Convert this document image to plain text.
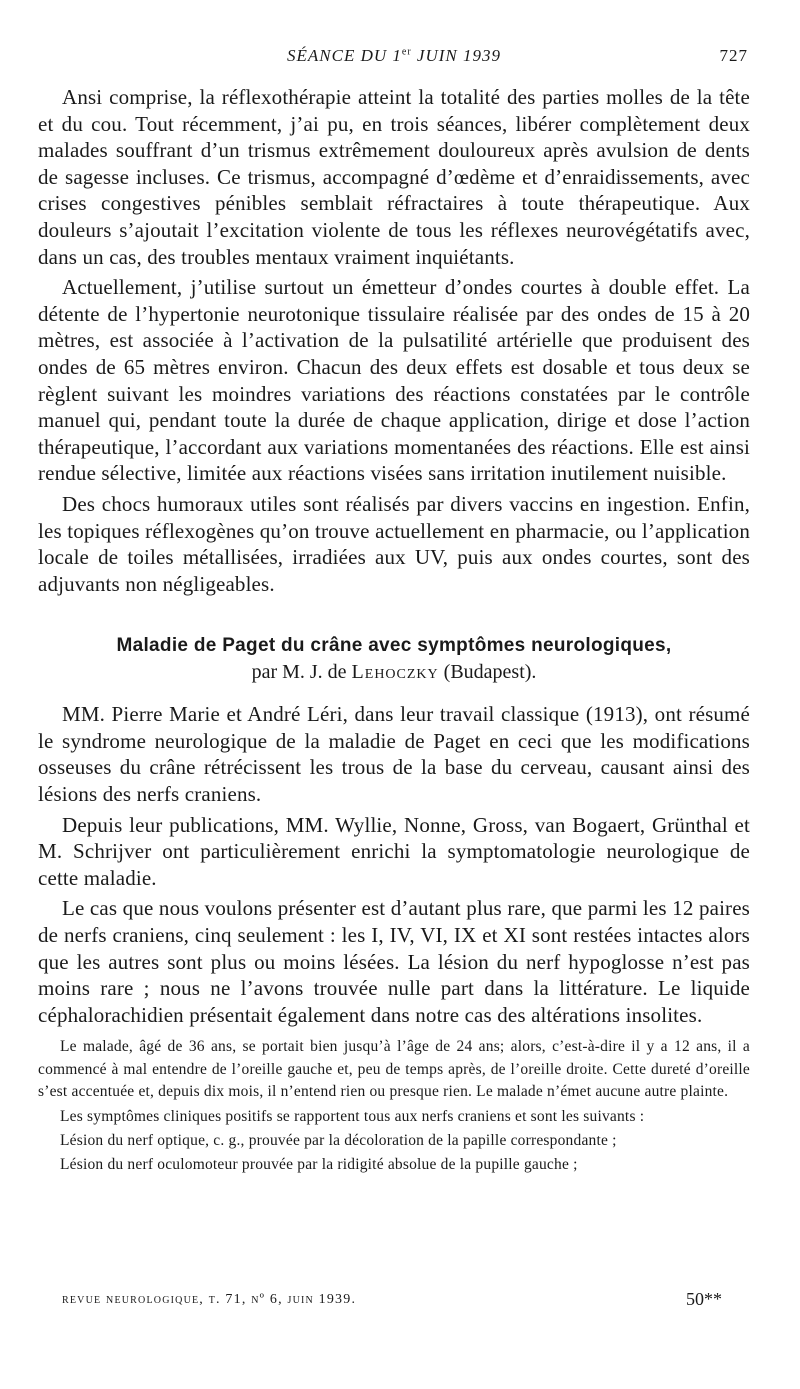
SÉANCE DU 1er JUIN 1939	727

Ansi comprise, la réflexothérapie atteint la totalité des parties molles de la tête et du cou. Tout récemment, j’ai pu, en trois séances, libérer complètement deux malades souffrant d’un trismus extrêmement douloureux après avulsion de dents de sagesse incluses. Ce trismus, accompagné d’œdème et d’enraidissements, avec crises congestives pénibles semblait réfractaires à toute thérapeutique. Aux douleurs s’ajoutait l’excitation violente de tous les réflexes neurovégétatifs avec, dans un cas, des troubles mentaux vraiment inquiétants.

Actuellement, j’utilise surtout un émetteur d’ondes courtes à double effet. La détente de l’hypertonie neurotonique tissulaire réalisée par des ondes de 15 à 20 mètres, est associée à l’activation de la pulsatilité artérielle que produisent des ondes de 65 mètres environ. Chacun des deux effets est dosable et tous deux se règlent suivant les moindres variations des réactions constatées par le contrôle manuel qui, pendant toute la durée de chaque application, dirige et dose l’action thérapeutique, l’accordant aux variations momentanées des réactions. Elle est ainsi rendue sélective, limitée aux réactions visées sans irritation inutilement nuisible.

Des chocs humoraux utiles sont réalisés par divers vaccins en ingestion. Enfin, les topiques réflexogènes qu’on trouve actuellement en pharmacie, ou l’application locale de toiles métallisées, irradiées aux UV, puis aux ondes courtes, sont des adjuvants non négligeables.

Maladie de Paget du crâne avec symptômes neurologiques,
par M. J. de Lehoczky (Budapest).

MM. Pierre Marie et André Léri, dans leur travail classique (1913), ont résumé le syndrome neurologique de la maladie de Paget en ceci que les modifications osseuses du crâne rétrécissent les trous de la base du cerveau, causant ainsi des lésions des nerfs craniens.

Depuis leur publications, MM. Wyllie, Nonne, Gross, van Bogaert, Grünthal et M. Schrijver ont particulièrement enrichi la symptomatologie neurologique de cette maladie.

Le cas que nous voulons présenter est d’autant plus rare, que parmi les 12 paires de nerfs craniens, cinq seulement : les I, IV, VI, IX et XI sont restées intactes alors que les autres sont plus ou moins lésées. La lésion du nerf hypoglosse n’est pas moins rare ; nous ne l’avons trouvée nulle part dans la littérature. Le liquide céphalorachidien présentait également dans notre cas des altérations insolites.

Le malade, âgé de 36 ans, se portait bien jusqu’à l’âge de 24 ans; alors, c’est-à-dire il y a 12 ans, il a commencé à mal entendre de l’oreille gauche et, peu de temps après, de l’oreille droite. Cette dureté d’oreille s’est accentuée et, depuis dix mois, il n’entend rien ou presque rien. Le malade n’émet aucune autre plainte.

Les symptômes cliniques positifs se rapportent tous aux nerfs craniens et sont les suivants :

Lésion du nerf optique, c. g., prouvée par la décoloration de la papille correspondante ;

Lésion du nerf oculomoteur prouvée par la ridigité absolue de la pupille gauche ;

revue neurologique, t. 71, nº 6, juin 1939.	50**
